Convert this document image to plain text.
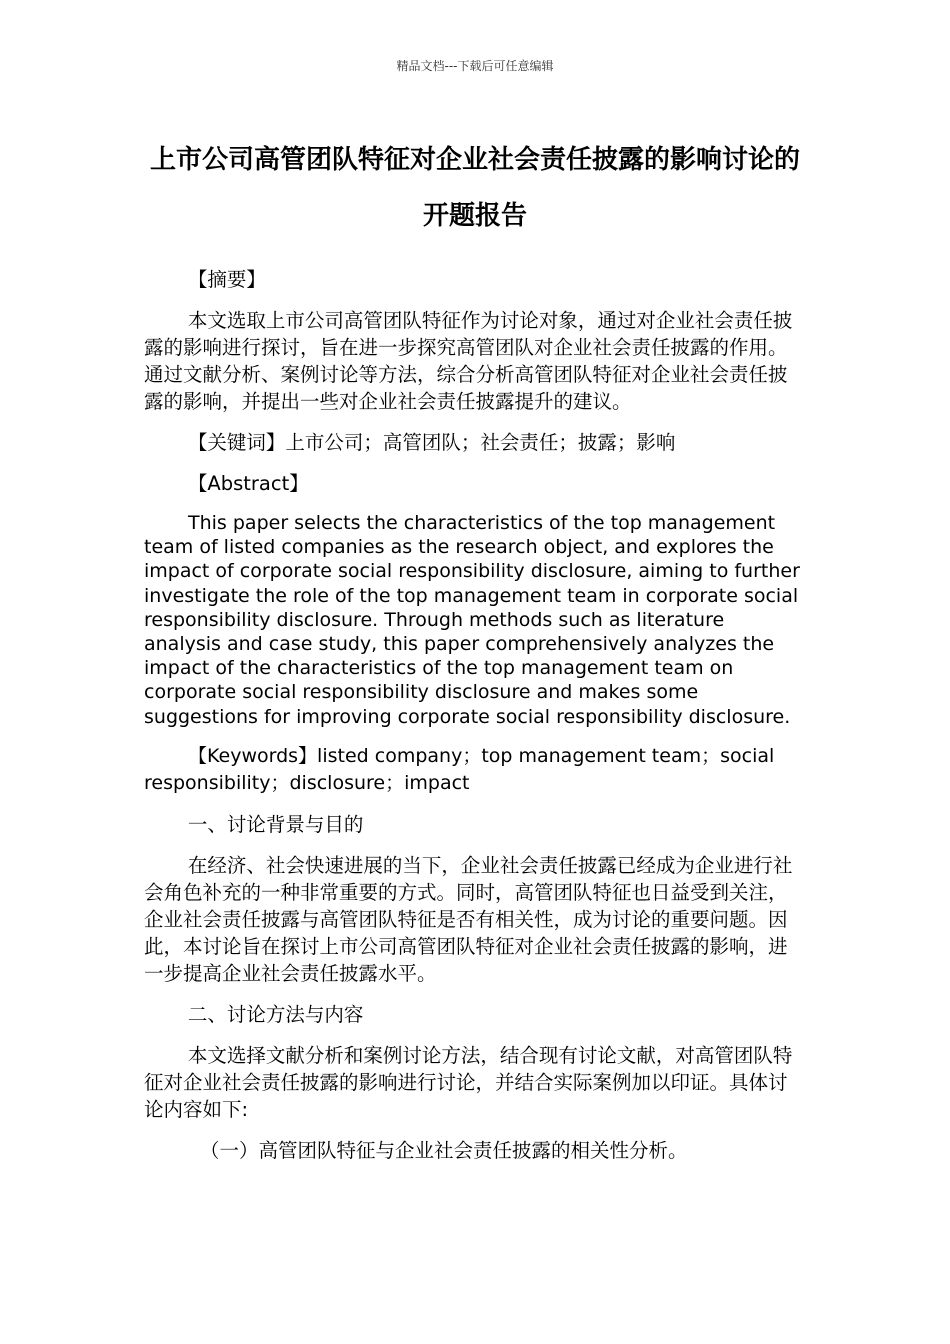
精品文档---下载后可任意编辑
上市公司高管团队特征对企业社会责任披露的影响讨论的开题报告
【摘要】
本文选取上市公司高管团队特征作为讨论对象，通过对企业社会责任披露的影响进行探讨，旨在进一步探究高管团队对企业社会责任披露的作用。通过文献分析、案例讨论等方法，综合分析高管团队特征对企业社会责任披露的影响，并提出一些对企业社会责任披露提升的建议。
【关键词】上市公司；高管团队；社会责任；披露；影响
【Abstract】
This paper selects the characteristics of the top management team of listed companies as the research object, and explores the impact of corporate social responsibility disclosure, aiming to further investigate the role of the top management team in corporate social responsibility disclosure. Through methods such as literature analysis and case study, this paper comprehensively analyzes the impact of the characteristics of the top management team on corporate social responsibility disclosure and makes some suggestions for improving corporate social responsibility disclosure.
【Keywords】listed company；top management team；social responsibility；disclosure；impact
一、讨论背景与目的
在经济、社会快速进展的当下，企业社会责任披露已经成为企业进行社会角色补充的一种非常重要的方式。同时，高管团队特征也日益受到关注，企业社会责任披露与高管团队特征是否有相关性，成为讨论的重要问题。因此，本讨论旨在探讨上市公司高管团队特征对企业社会责任披露的影响，进一步提高企业社会责任披露水平。
二、讨论方法与内容
本文选择文献分析和案例讨论方法，结合现有讨论文献，对高管团队特征对企业社会责任披露的影响进行讨论，并结合实际案例加以印证。具体讨论内容如下:
（一）高管团队特征与企业社会责任披露的相关性分析。
